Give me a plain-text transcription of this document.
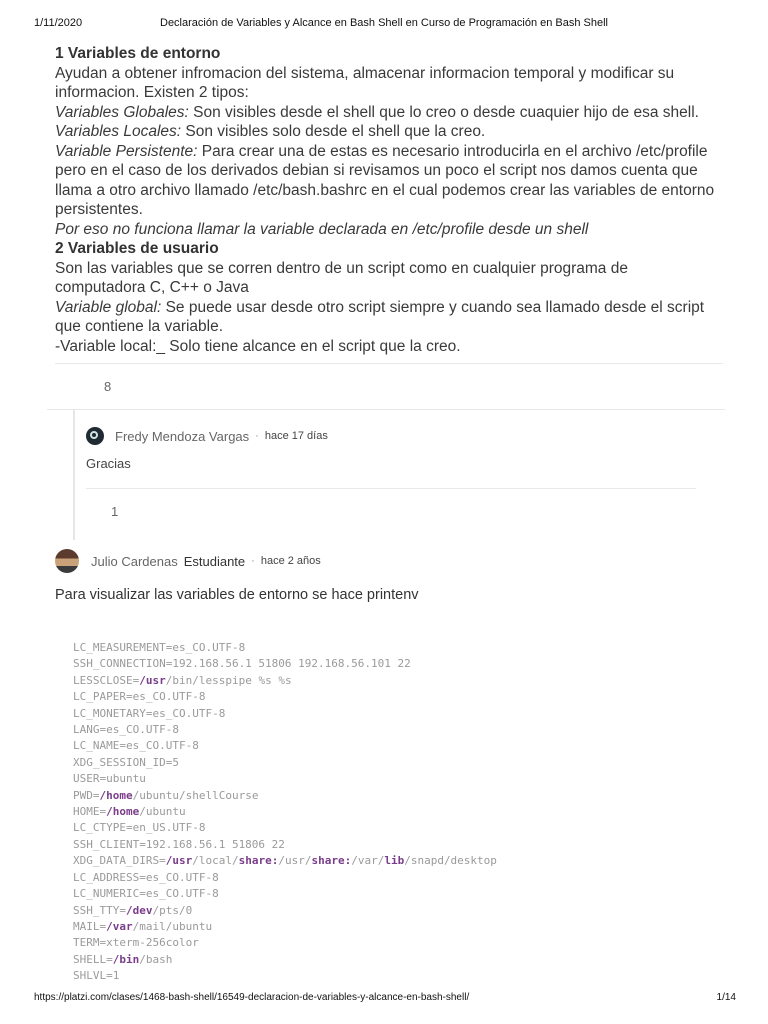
1/11/2020	Declaración de Variables y Alcance en Bash Shell en Curso de Programación en Bash Shell
1 Variables de entorno

Ayudan a obtener infromacion del sistema, almacenar informacion temporal y modificar su informacion. Existen 2 tipos:

Variables Globales: Son visibles desde el shell que lo creo o desde cuaquier hijo de esa shell.

Variables Locales: Son visibles solo desde el shell que la creo.

Variable Persistente: Para crear una de estas es necesario introducirla en el archivo /etc/profile pero en el caso de los derivados debian si revisamos un poco el script nos damos cuenta que llama a otro archivo llamado /etc/bash.bashrc en el cual podemos crear las variables de entorno persistentes.

Por eso no funciona llamar la variable declarada en /etc/profile desde un shell

2 Variables de usuario

Son las variables que se corren dentro de un script como en cualquier programa de computadora C, C++ o Java

Variable global: Se puede usar desde otro script siempre y cuando sea llamado desde el script que contiene la variable.

-Variable local:_ Solo tiene alcance en el script que la creo.

8
Fredy Mendoza Vargas · hace 17 días
Gracias
1
Julio Cardenas Estudiante · hace 2 años

Para visualizar las variables de entorno se hace printenv

LC_MEASUREMENT=es_CO.UTF-8
SSH_CONNECTION=192.168.56.1 51806 192.168.56.101 22
LESSCLOSE=/usr/bin/lesspipe %s %s
LC_PAPER=es_CO.UTF-8
LC_MONETARY=es_CO.UTF-8
LANG=es_CO.UTF-8
LC_NAME=es_CO.UTF-8
XDG_SESSION_ID=5
USER=ubuntu
PWD=/home/ubuntu/shellCourse
HOME=/home/ubuntu
LC_CTYPE=en_US.UTF-8
SSH_CLIENT=192.168.56.1 51806 22
XDG_DATA_DIRS=/usr/local/share:/usr/share:/var/lib/snapd/desktop
LC_ADDRESS=es_CO.UTF-8
LC_NUMERIC=es_CO.UTF-8
SSH_TTY=/dev/pts/0
MAIL=/var/mail/ubuntu
TERM=xterm-256color
SHELL=/bin/bash
SHLVL=1
https://platzi.com/clases/1468-bash-shell/16549-declaracion-de-variables-y-alcance-en-bash-shell/	1/14
